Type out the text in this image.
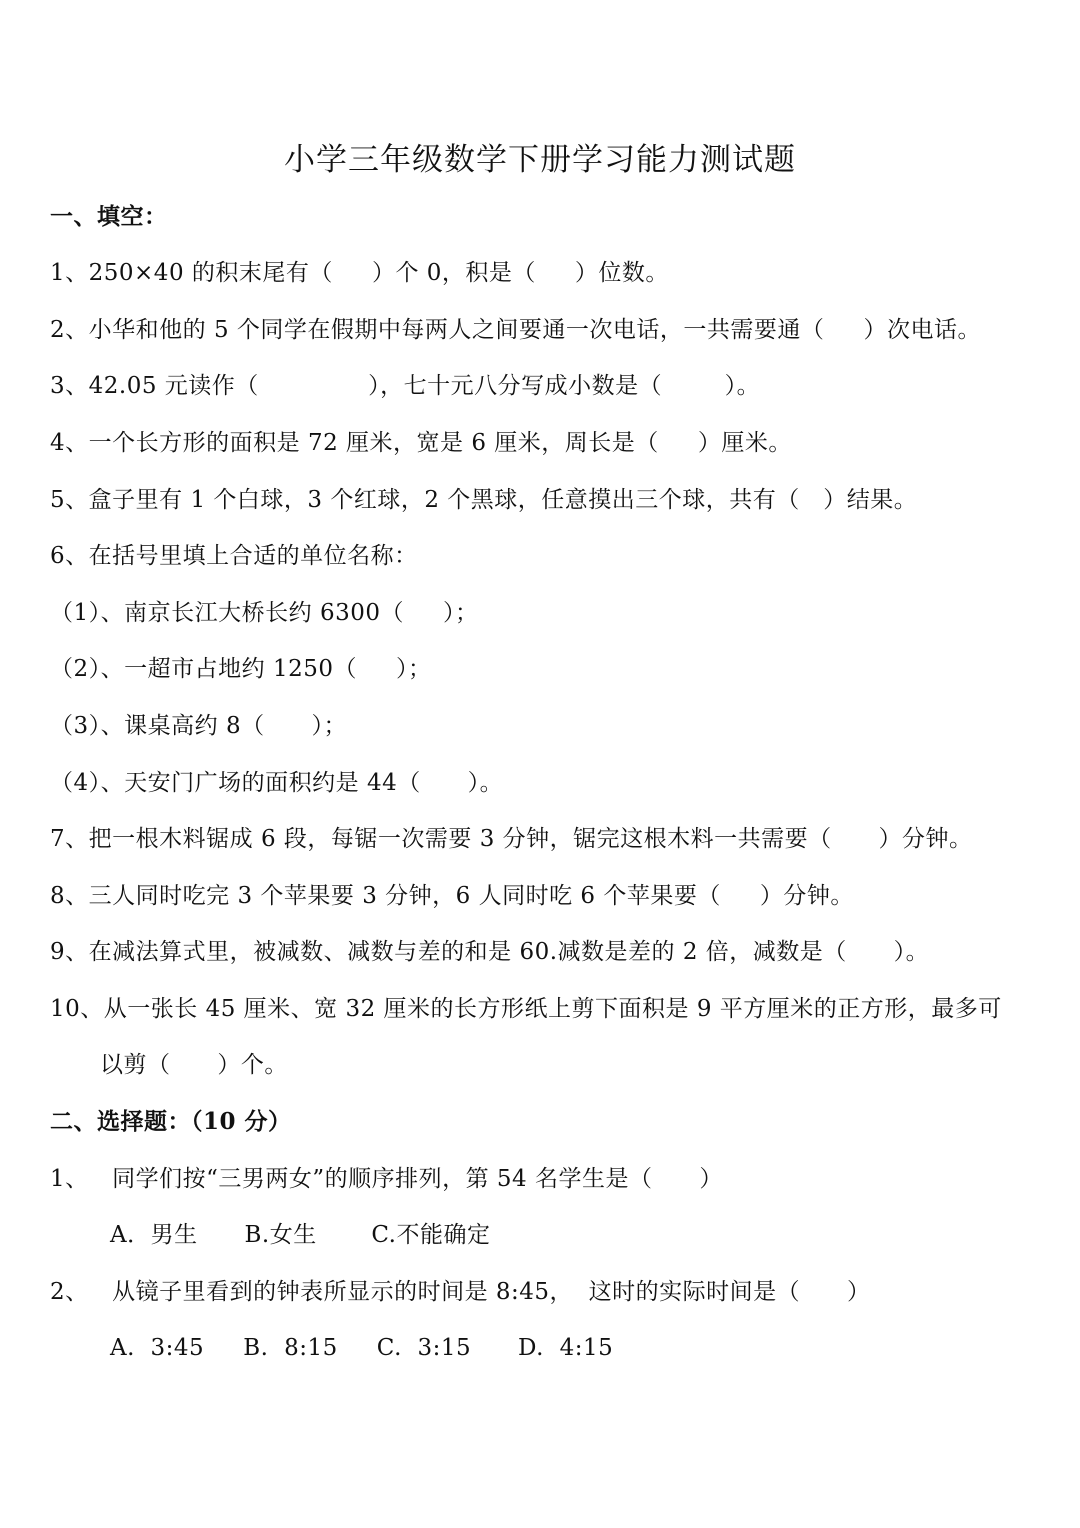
小学三年级数学下册学习能力测试题
一、填空：
1、250×40 的积末尾有（     ）个 0，积是（     ）位数。
2、小华和他的 5 个同学在假期中每两人之间要通一次电话，一共需要通（     ）次电话。
3、42.05 元读作（              ），七十元八分写成小数是（        ）。
4、一个长方形的面积是 72 厘米，宽是 6 厘米，周长是（     ）厘米。
5、盒子里有 1 个白球，3 个红球，2 个黑球，任意摸出三个球，共有（   ）结果。
6、在括号里填上合适的单位名称：
（1）、南京长江大桥长约 6300（     ）；
（2）、一超市占地约 1250（     ）；
（3）、课桌高约 8（      ）；
（4）、天安门广场的面积约是 44（      ）。
7、把一根木料锯成 6 段，每锯一次需要 3 分钟，锯完这根木料一共需要（      ）分钟。
8、三人同时吃完 3 个苹果要 3 分钟，6 人同时吃 6 个苹果要（     ）分钟。
9、在减法算式里，被减数、减数与差的和是 60.减数是差的 2 倍，减数是（      ）。
10、从一张长 45 厘米、宽 32 厘米的长方形纸上剪下面积是 9 平方厘米的正方形，最多可
以剪（      ）个。
二、选择题：（10 分）
1、   同学们按“三男两女”的顺序排列，第 54 名学生是（      ）
A．男生      B.女生       C.不能确定
2、   从镜子里看到的钟表所显示的时间是 8:45，  这时的实际时间是（      ）
A.  3:45     B.  8:15     C.  3:15      D.  4:15
